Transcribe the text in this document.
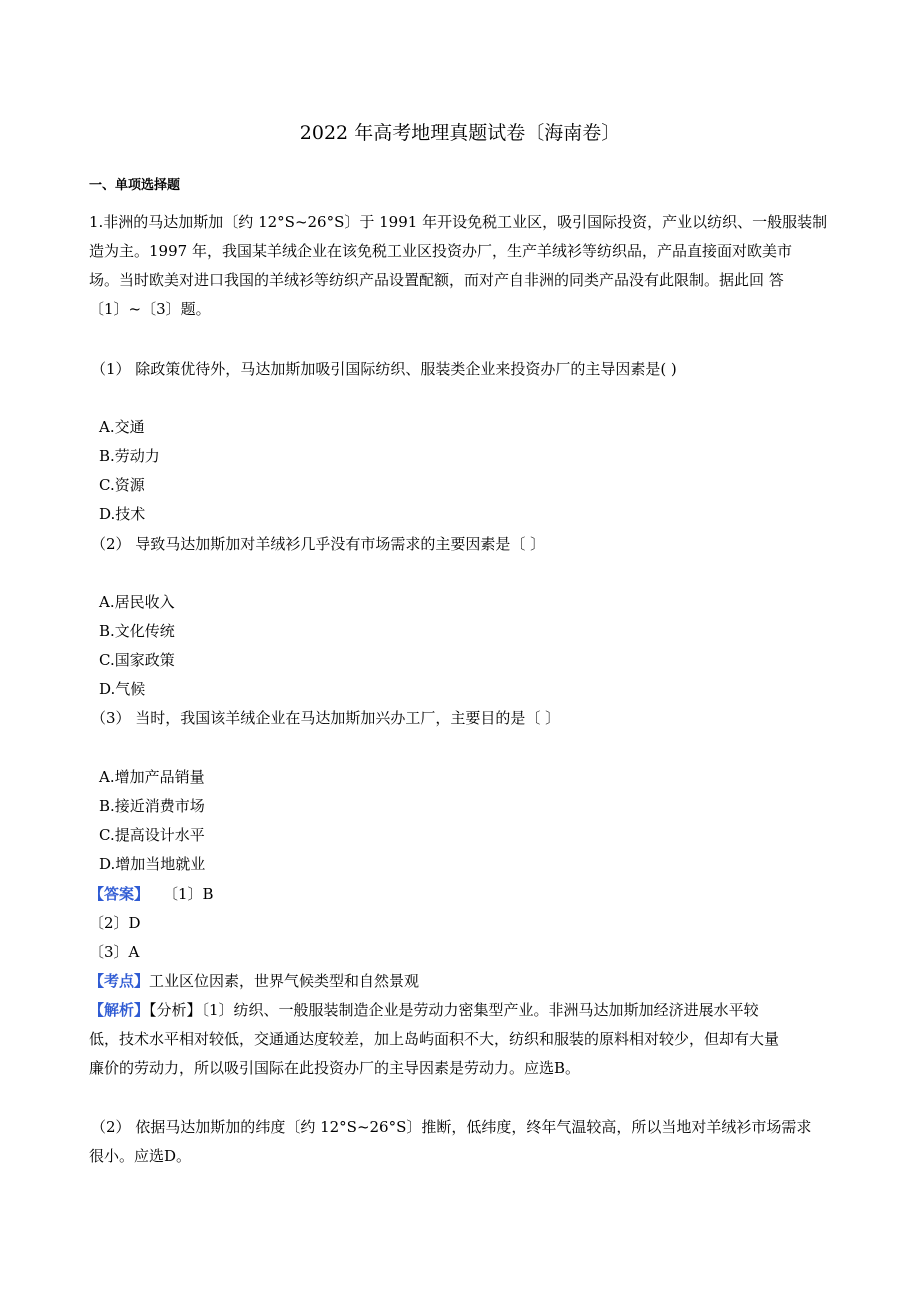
2022 年高考地理真题试卷〔海南卷〕
一、单项选择题
1.非洲的马达加斯加〔约 12°S~26°S〕于 1991 年开设免税工业区，吸引国际投资，产业以纺织、一般服装制
造为主。1997 年，我国某羊绒企业在该免税工业区投资办厂，生产羊绒衫等纺织品，产品直接面对欧美市
场。当时欧美对进口我国的羊绒衫等纺织产品设置配额，而对产自非洲的同类产品没有此限制。据此回 答
〔1〕~〔3〕题。
（1） 除政策优待外，马达加斯加吸引国际纺织、服装类企业来投资办厂的主导因素是( )
A.交通
B.劳动力
C.资源
D.技术
（2） 导致马达加斯加对羊绒衫几乎没有市场需求的主要因素是〔 〕
A.居民收入
B.文化传统
C.国家政策
D.气候
（3） 当时，我国该羊绒企业在马达加斯加兴办工厂，主要目的是〔 〕
A.增加产品销量
B.接近消费市场
C.提高设计水平
D.增加当地就业
【答案】 〔1〕B
〔2〕D
〔3〕A
【考点】工业区位因素，世界气候类型和自然景观
【解析】【分析】〔1〕纺织、一般服装制造企业是劳动力密集型产业。非洲马达加斯加经济进展水平较
低，技术水平相对较低，交通通达度较差，加上岛屿面积不大，纺织和服装的原料相对较少，但却有大量
廉价的劳动力，所以吸引国际在此投资办厂的主导因素是劳动力。应选B。
（2） 依据马达加斯加的纬度〔约 12°S~26°S〕推断，低纬度，终年气温较高，所以当地对羊绒衫市场需求
很小。应选D。
